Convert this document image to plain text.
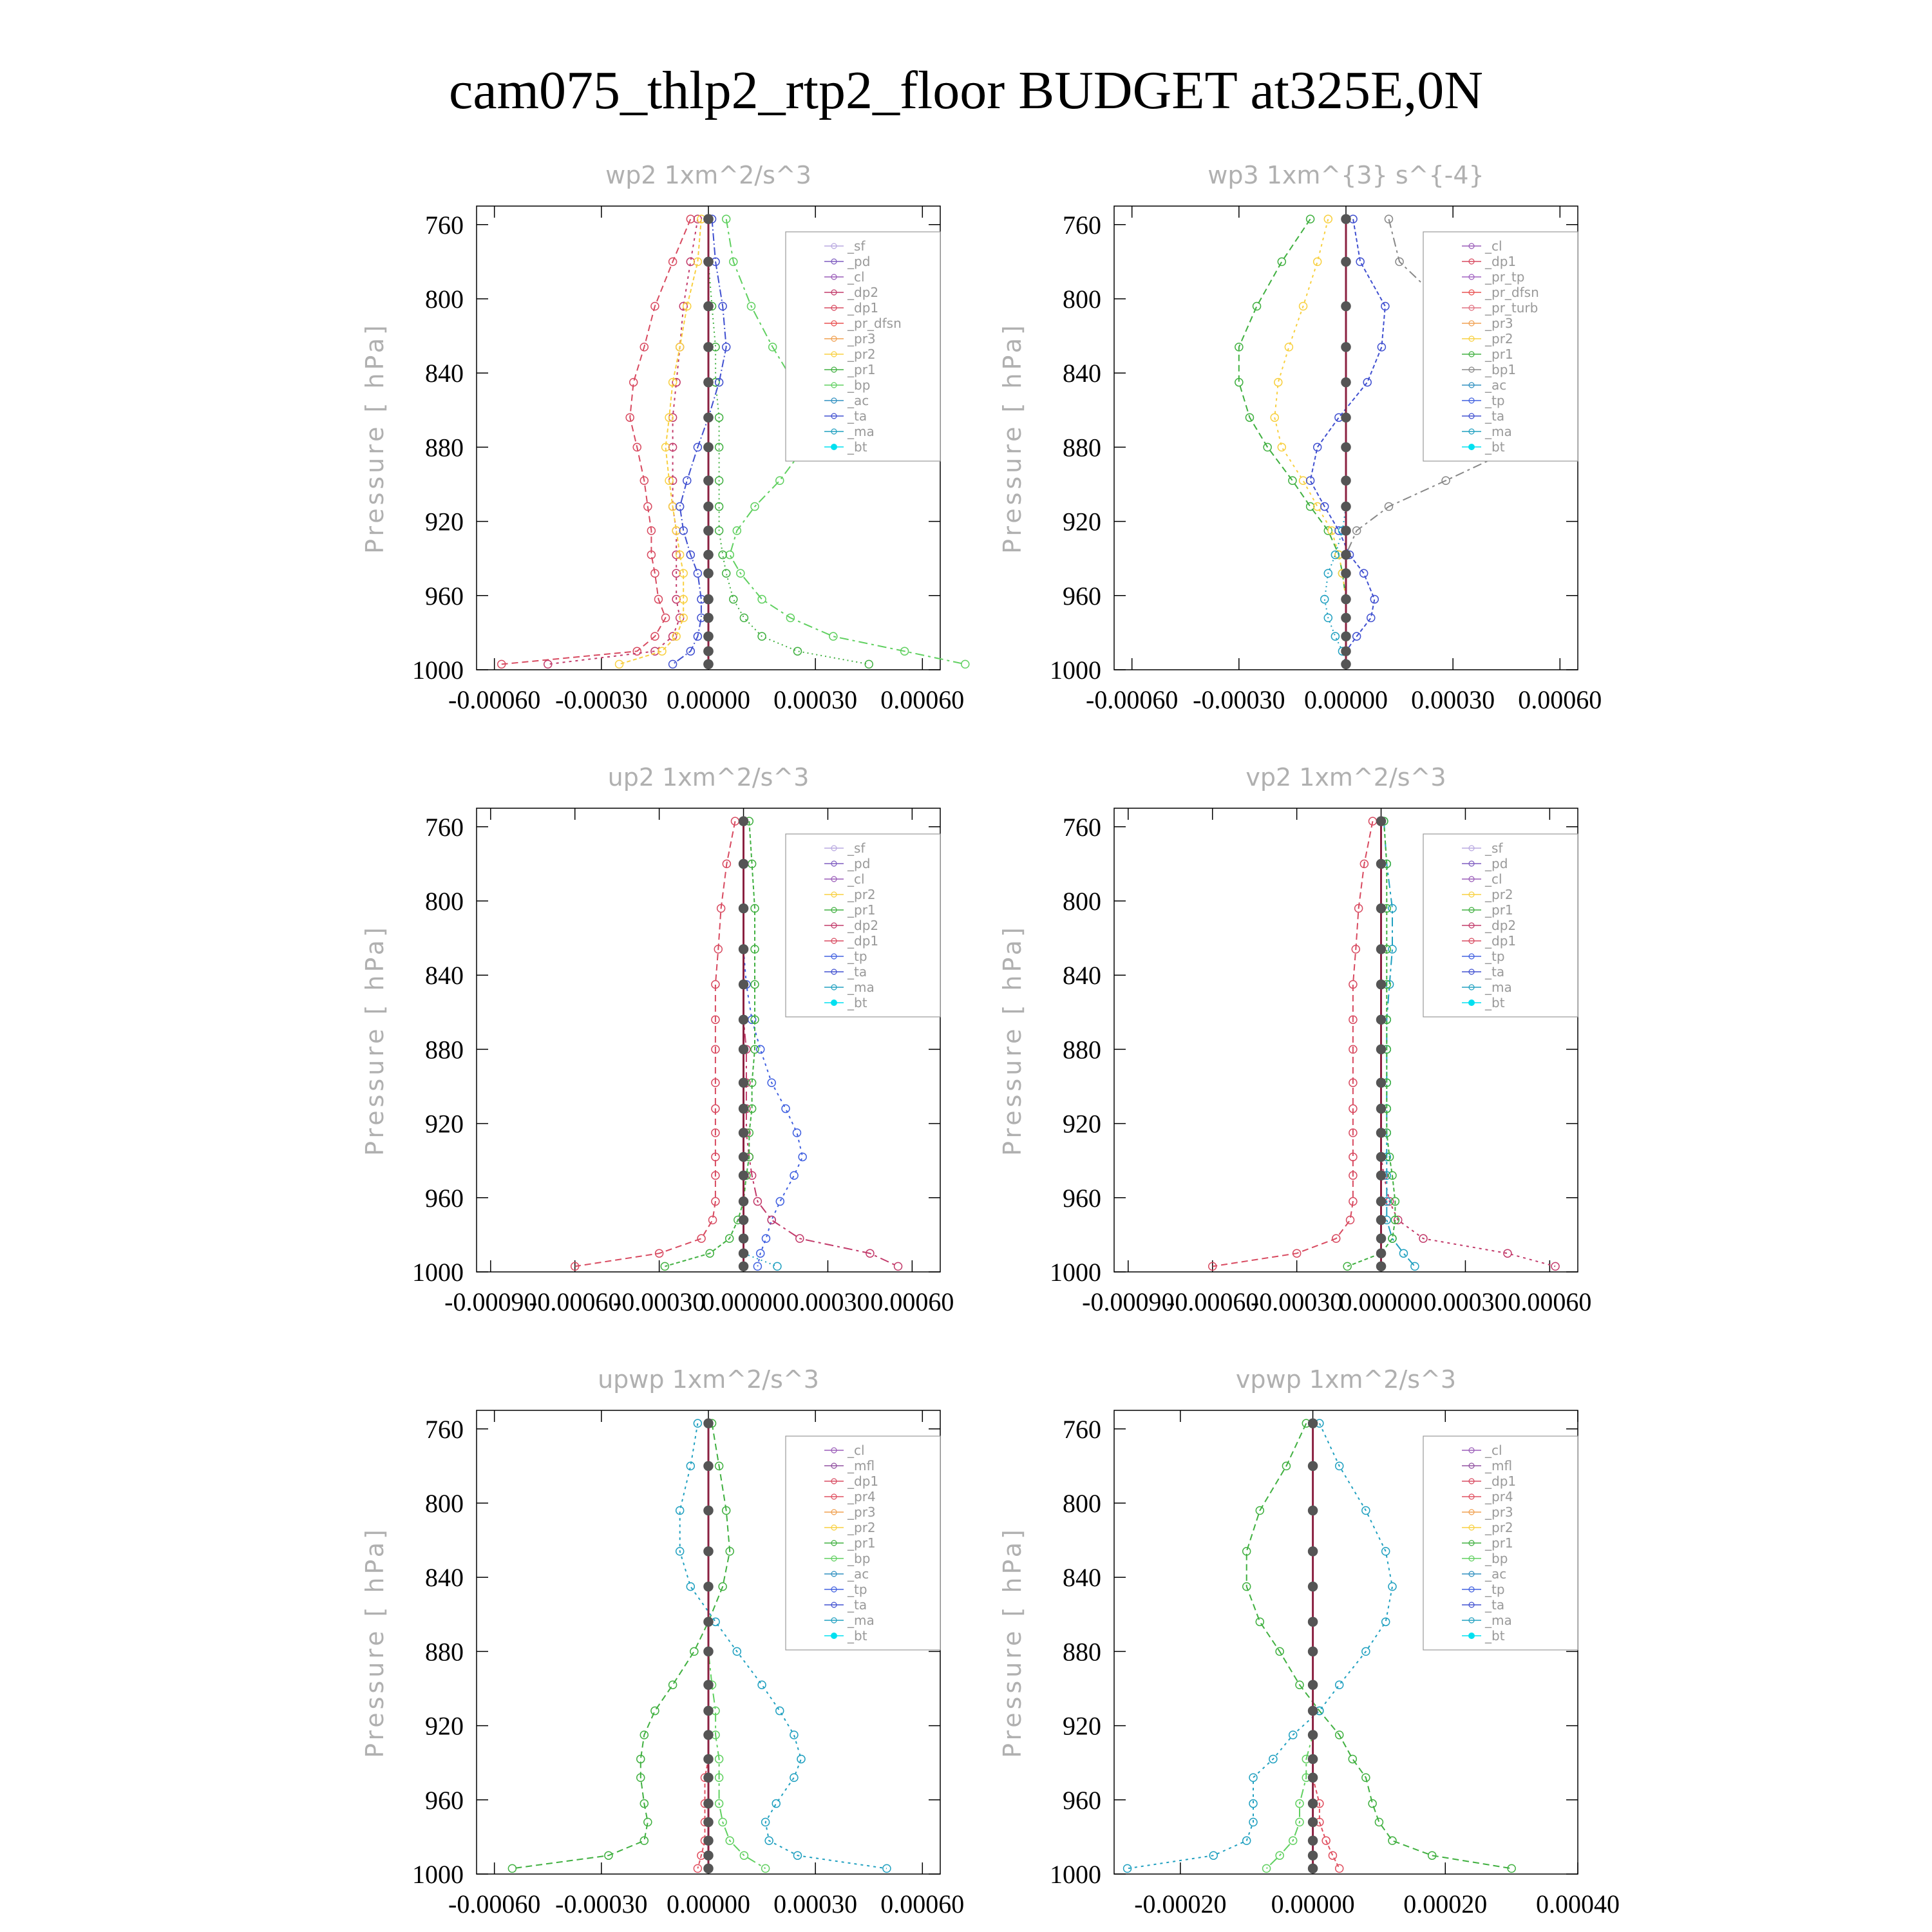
cam075_thlp2_rtp2_floor BUDGET at325E,0N
wp2 1xm^2/s^3
Pressure [ hPa]
760
800
840
880
920
960
1000
-0.00060 -0.00030 0.00000 0.00030 0.00060
_sf
_pd
_cl
_dp2
_dp1
_pr_dfsn
_pr3
_pr2
_pr1
_bp
_ac
_ta
_ma
_bt
wp3 1xm^{3} s^{-4}
Pressure [ hPa]
760
800
840
880
920
960
1000
-0.00060 -0.00030 0.00000 0.00030 0.00060
_cl
_dp1
_pr_tp
_pr_dfsn
_pr_turb
_pr3
_pr2
_pr1
_bp1
_ac
_tp
_ta
_ma
_bt
up2 1xm^2/s^3
Pressure [ hPa]
760
800
840
880
920
960
1000
-0.00090
-0.00060
-0.00030
0.00000 0.00030 0.00060
_sf
_pd
_cl
_pr2
_pr1
_dp2
_dp1
_tp
_ta
_ma
_bt
vp2 1xm^2/s^3
Pressure [ hPa]
760
800
840
880
920
960
1000
-0.00090
-0.00060
-0.00030
0.00000 0.00030 0.00060
_sf
_pd
_cl
_pr2
_pr1
_dp2
_dp1
_tp
_ta
_ma
_bt
upwp 1xm^2/s^3
Pressure [ hPa]
760
800
840
880
920
960
1000
-0.00060 -0.00030 0.00000 0.00030 0.00060
_cl
_mfl
_dp1
_pr4
_pr3
_pr2
_pr1
_bp
_ac
_tp
_ta
_ma
_bt
vpwp 1xm^2/s^3
Pressure [ hPa]
760
800
840
880
920
960
1000
-0.00020 0.00000 0.00020 0.00040
_cl
_mfl
_dp1
_pr4
_pr3
_pr2
_pr1
_bp
_ac
_tp
_ta
_ma
_bt
